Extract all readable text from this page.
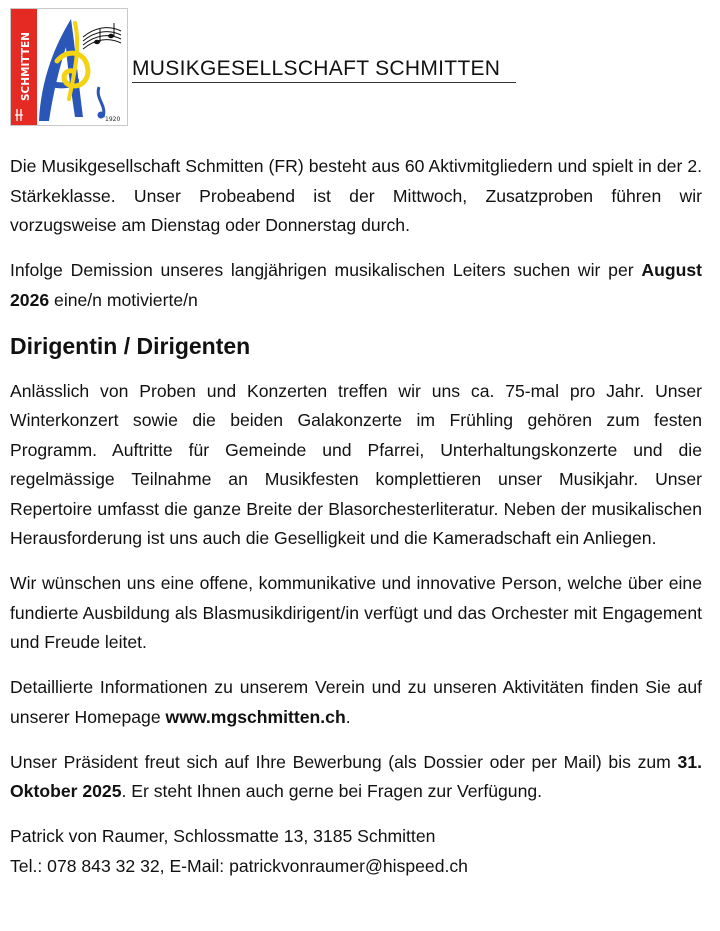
SCHMITTEN
1920
MUSIKGESELLSCHAFT SCHMITTEN

Die Musikgesellschaft Schmitten (FR) besteht aus 60 Aktivmitgliedern und spielt in der 2. Stärkeklasse. Unser Probeabend ist der Mittwoch, Zusatzproben führen wir vorzugsweise am Dienstag oder Donnerstag durch.

Infolge Demission unseres langjährigen musikalischen Leiters suchen wir per August 2026 eine/n motivierte/n

Dirigentin / Dirigenten

Anlässlich von Proben und Konzerten treffen wir uns ca. 75-mal pro Jahr. Unser Winterkonzert sowie die beiden Galakonzerte im Frühling gehören zum festen Programm. Auftritte für Gemeinde und Pfarrei, Unterhaltungskonzerte und die regelmässige Teilnahme an Musikfesten komplettieren unser Musikjahr. Unser Repertoire umfasst die ganze Breite der Blasorchesterliteratur. Neben der musikalischen Herausforderung ist uns auch die Geselligkeit und die Kameradschaft ein Anliegen.

Wir wünschen uns eine offene, kommunikative und innovative Person, welche über eine fundierte Ausbildung als Blasmusikdirigent/in verfügt und das Orchester mit Engagement und Freude leitet.

Detaillierte Informationen zu unserem Verein und zu unseren Aktivitäten finden Sie auf unserer Homepage www.mgschmitten.ch.

Unser Präsident freut sich auf Ihre Bewerbung (als Dossier oder per Mail) bis zum 31. Oktober 2025. Er steht Ihnen auch gerne bei Fragen zur Verfügung.

Patrick von Raumer, Schlossmatte 13, 3185 Schmitten
Tel.: 078 843 32 32, E-Mail: patrickvonraumer@hispeed.ch
